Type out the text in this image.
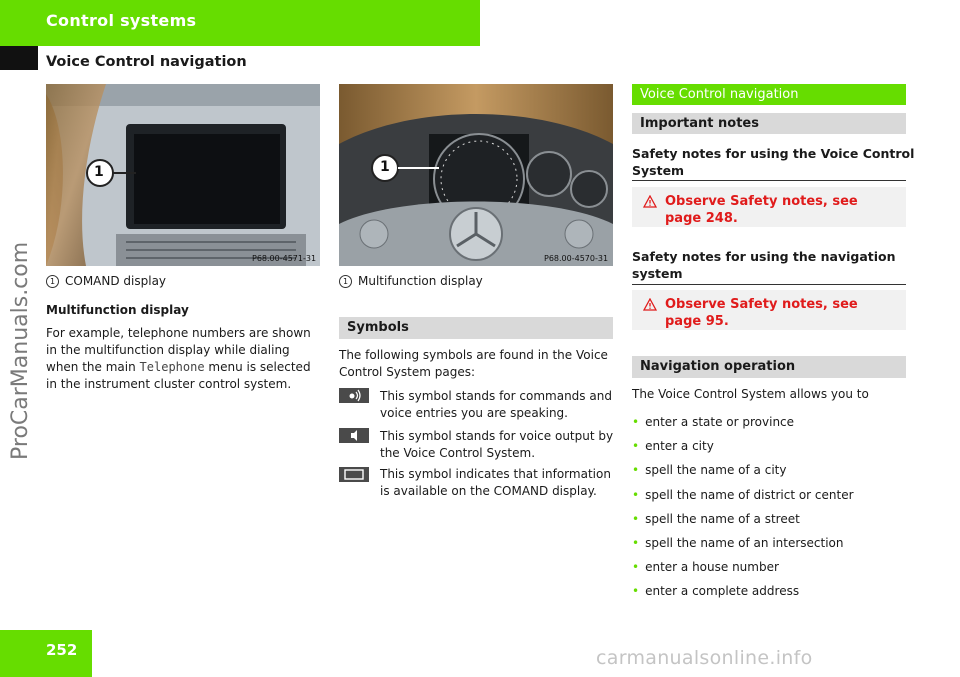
Control systems
Voice Control navigation
1
P68.00-4571-31
1 COMAND display
Multifunction display
For example, telephone numbers are shown
in the multifunction display while dialing
when the main Telephone menu is selected
in the instrument cluster control system.
1
P68.00-4570-31
1 Multifunction display
Symbols
The following symbols are found in the Voice
Control System pages:
This symbol stands for commands and
voice entries you are speaking.
This symbol stands for voice output by
the Voice Control System.
This symbol indicates that information
is available on the COMAND display.
Voice Control navigation
Important notes
Safety notes for using the Voice Control
System
Observe Safety notes, see
page 248.
Safety notes for using the navigation
system
Observe Safety notes, see
page 95.
Navigation operation
The Voice Control System allows you to
• enter a state or province
• enter a city
• spell the name of a city
• spell the name of district or center
• spell the name of a street
• spell the name of an intersection
• enter a house number
• enter a complete address
ProCarManuals.com
carmanualsonline.info
252
